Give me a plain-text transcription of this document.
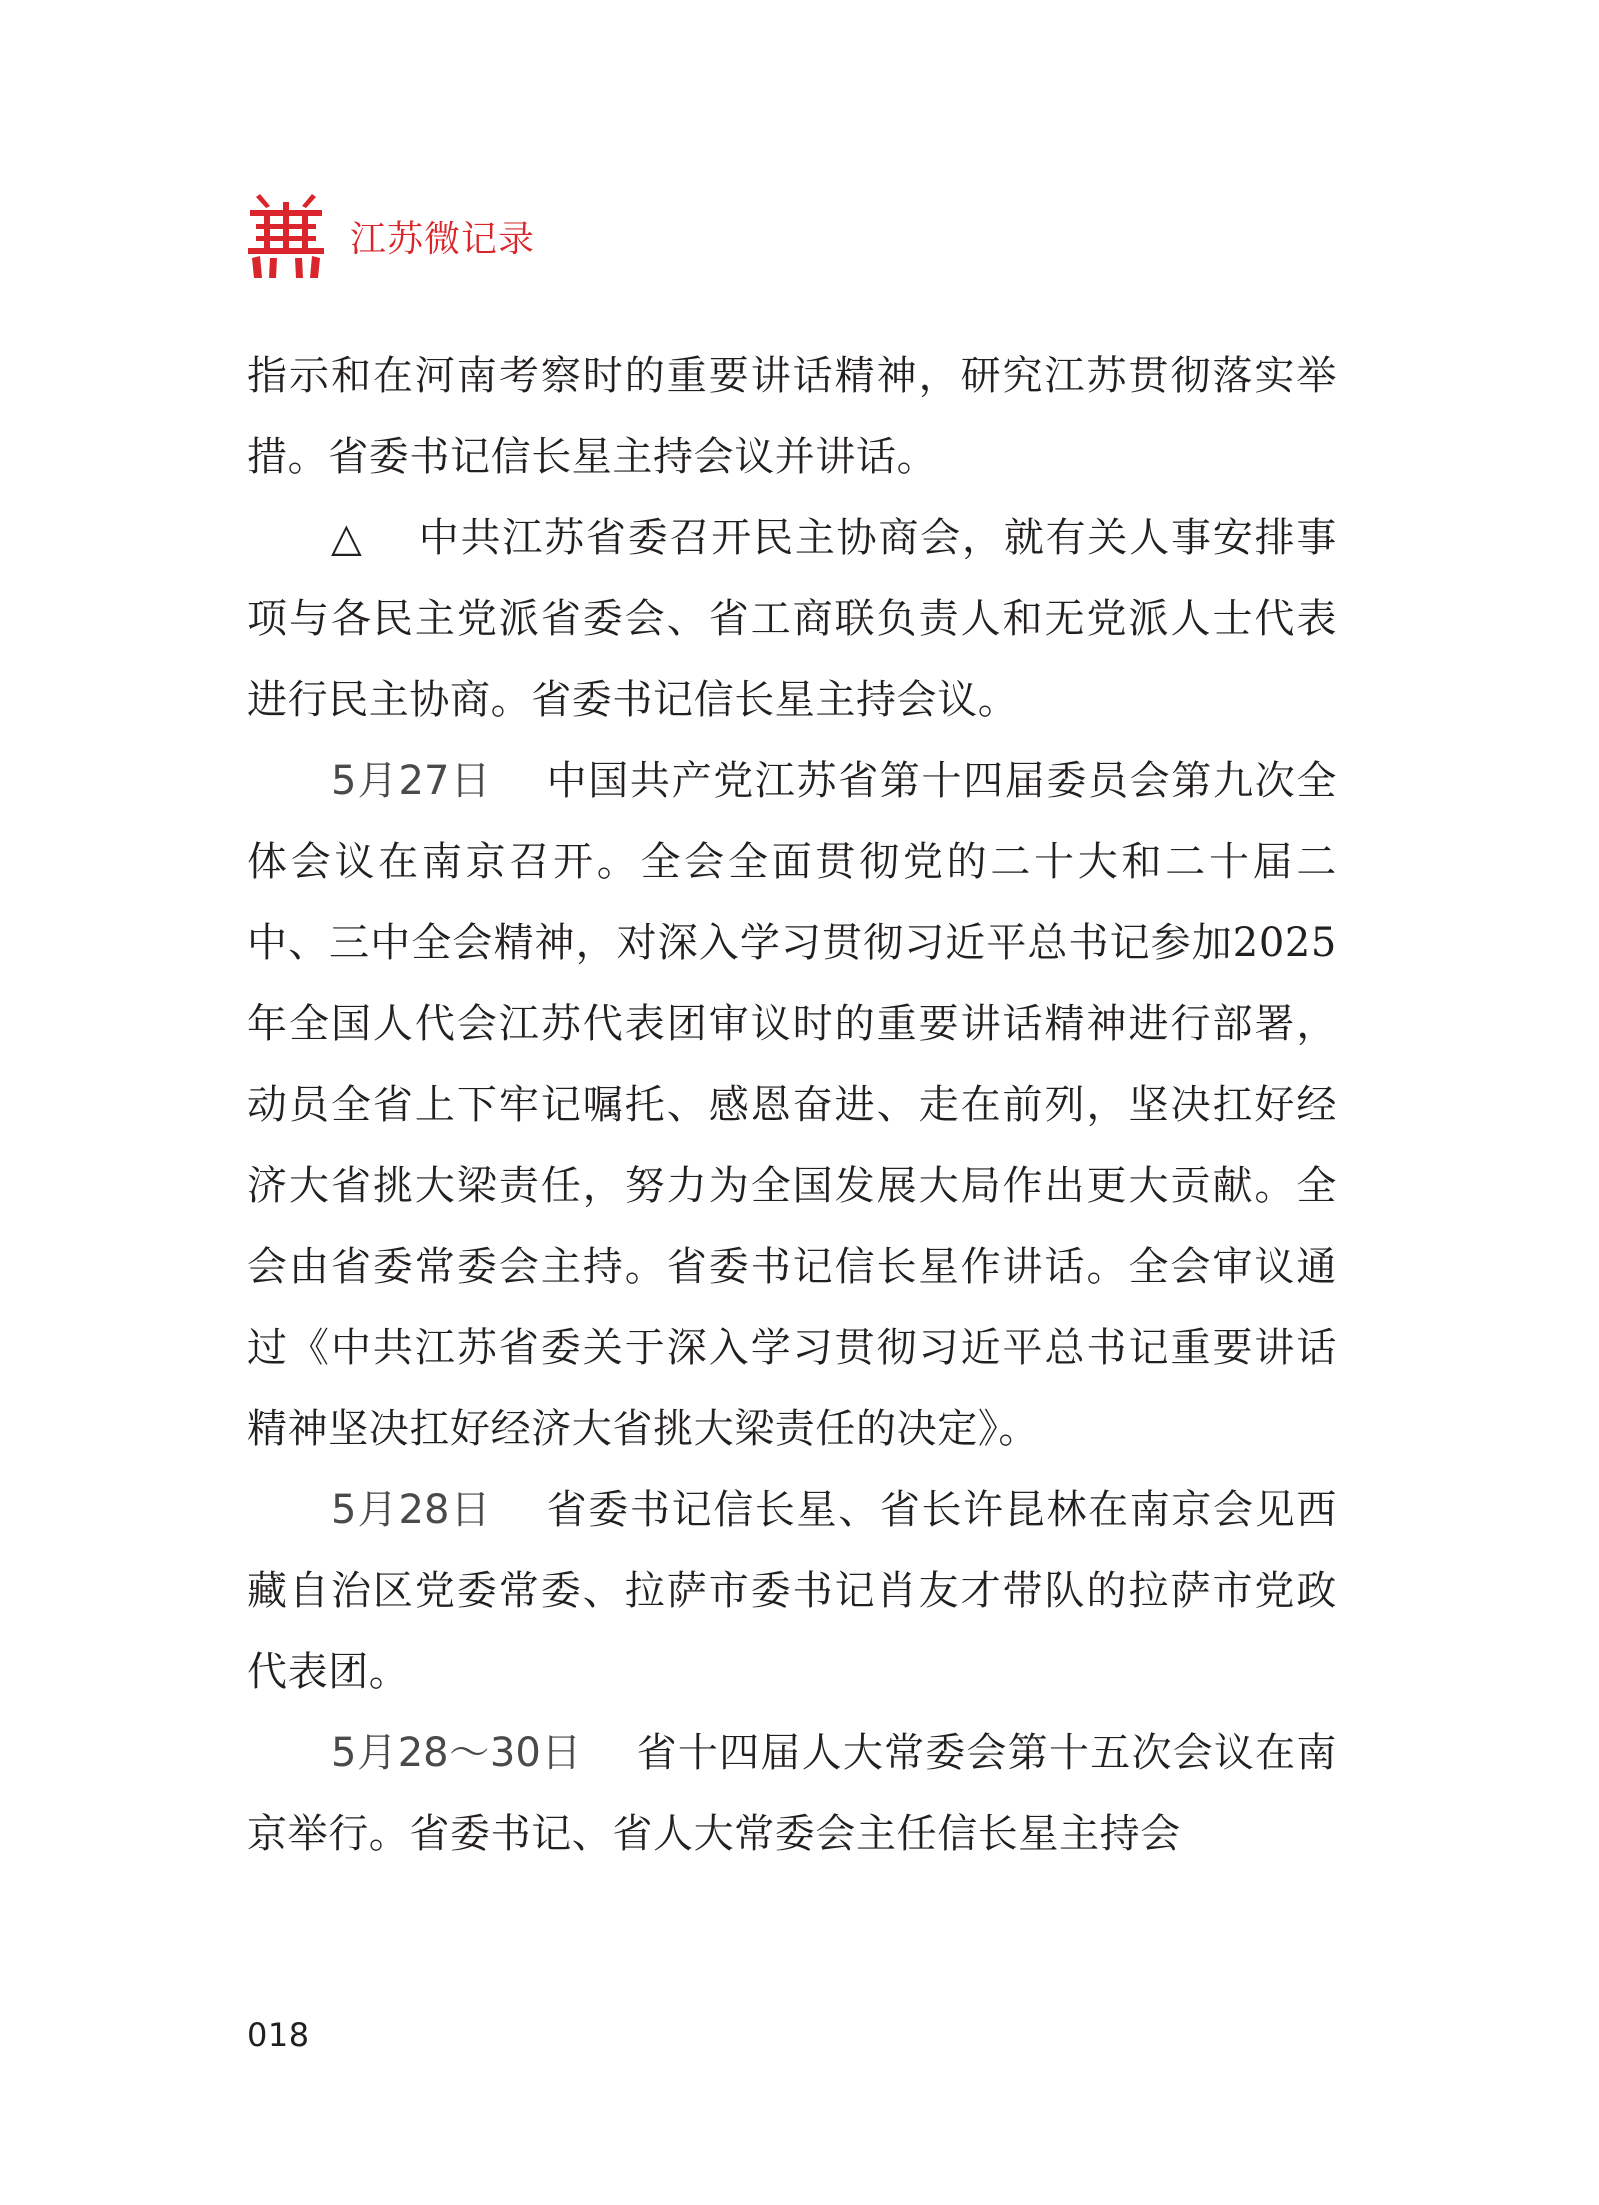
江苏微记录

指示和在河南考察时的重要讲话精神，研究江苏贯彻落实举措。省委书记信长星主持会议并讲话。

△ 中共江苏省委召开民主协商会，就有关人事安排事项与各民主党派省委会、省工商联负责人和无党派人士代表进行民主协商。省委书记信长星主持会议。

5月27日 中国共产党江苏省第十四届委员会第九次全体会议在南京召开。全会全面贯彻党的二十大和二十届二中、三中全会精神，对深入学习贯彻习近平总书记参加2025年全国人代会江苏代表团审议时的重要讲话精神进行部署，动员全省上下牢记嘱托、感恩奋进、走在前列，坚决扛好经济大省挑大梁责任，努力为全国发展大局作出更大贡献。全会由省委常委会主持。省委书记信长星作讲话。全会审议通过《中共江苏省委关于深入学习贯彻习近平总书记重要讲话精神坚决扛好经济大省挑大梁责任的决定》。

5月28日 省委书记信长星、省长许昆林在南京会见西藏自治区党委常委、拉萨市委书记肖友才带队的拉萨市党政代表团。

5月28～30日 省十四届人大常委会第十五次会议在南京举行。省委书记、省人大常委会主任信长星主持会

018
